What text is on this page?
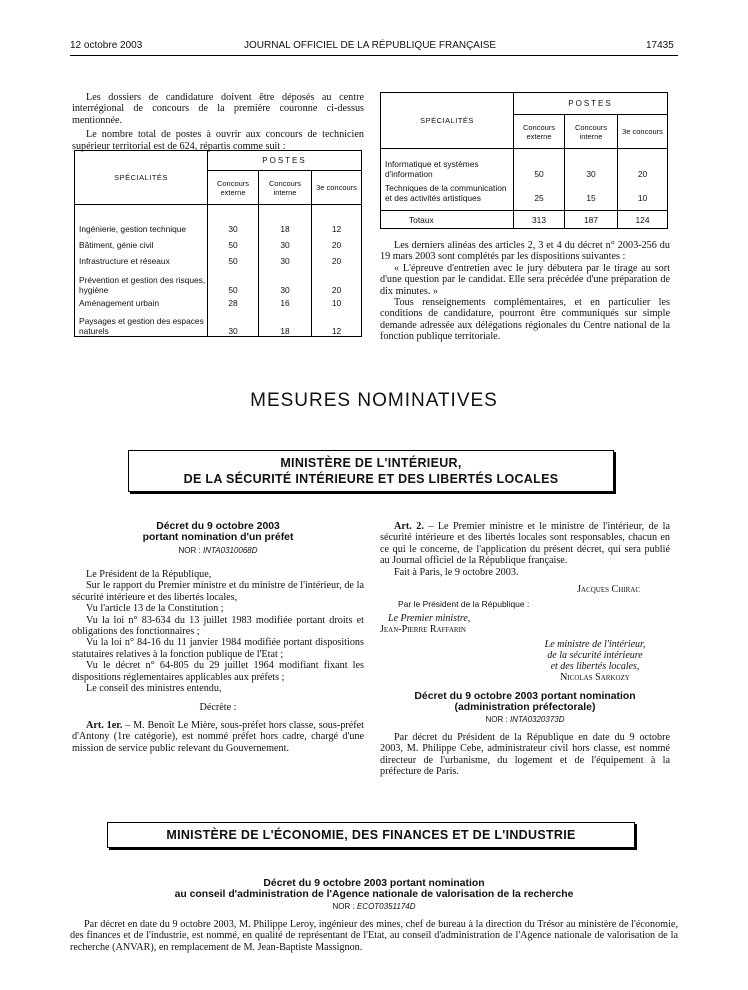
12 octobre 2003	JOURNAL OFFICIEL DE LA RÉPUBLIQUE FRANÇAISE	17435

Les dossiers de candidature doivent être déposés au centre interrégional de concours de la première couronne ci-dessus mentionnée.

Le nombre total de postes à ouvrir aux concours de technicien supérieur territorial est de 624, répartis comme suit :

SPÉCIALITÉS	POSTES		
	Concours externe	Concours interne	3e concours

Ingénierie, gestion technique	30	18	12
Bâtiment, génie civil	50	30	20
Infrastructure et réseaux	50	30	20
Prévention et gestion des risques, hygiène	50	30	20
Aménagement urbain	28	16	10
Paysages et gestion des espaces naturels	30	18	12
SPÉCIALITÉS	POSTES		
	Concours externe	Concours interne	3e concours
Informatique et systèmes d'information	50	30	20
Techniques de la communication et des activités artistiques	25	15	10

Totaux	313	187	124

Les derniers alinéas des articles 2, 3 et 4 du décret n° 2003-256 du 19 mars 2003 sont complétés par les dispositions suivantes :

« L'épreuve d'entretien avec le jury débutera par le tirage au sort d'une question par le candidat. Elle sera précédée d'une préparation de dix minutes. »

Tous renseignements complémentaires, et en particulier les conditions de candidature, pourront être communiqués sur simple demande adressée aux délégations régionales du Centre national de la fonction publique territoriale.

MESURES NOMINATIVES
MINISTÈRE DE L'INTÉRIEUR,
DE LA SÉCURITÉ INTÉRIEURE ET DES LIBERTÉS LOCALES
Décret du 9 octobre 2003
portant nomination d'un préfet
NOR : INTA0310068D

Le Président de la République,

Sur le rapport du Premier ministre et du ministre de l'intérieur, de la sécurité intérieure et des libertés locales,

Vu l'article 13 de la Constitution ;

Vu la loi n° 83-634 du 13 juillet 1983 modifiée portant droits et obligations des fonctionnaires ;

Vu la loi n° 84-16 du 11 janvier 1984 modifiée portant dispositions statutaires relatives à la fonction publique de l'Etat ;

Vu le décret n° 64-805 du 29 juillet 1964 modifiant fixant les dispositions réglementaires applicables aux préfets ;

Le conseil des ministres entendu,

Décrète :

Art. 1er. – M. Benoît Le Mière, sous-préfet hors classe, sous-préfet d'Antony (1re catégorie), est nommé préfet hors cadre, chargé d'une mission de service public relevant du Gouvernement.

Art. 2. – Le Premier ministre et le ministre de l'intérieur, de la sécurité intérieure et des libertés locales sont responsables, chacun en ce qui le concerne, de l'application du présent décret, qui sera publié au Journal officiel de la République française.

Fait à Paris, le 9 octobre 2003.

Jacques Chirac
Par le Président de la République :
Le Premier ministre,
Jean-Pierre Raffarin
Le ministre de l'intérieur,
de la sécurité intérieure
et des libertés locales,
Nicolas Sarkozy
Décret du 9 octobre 2003 portant nomination
(administration préfectorale)
NOR : INTA0320373D

Par décret du Président de la République en date du 9 octobre 2003, M. Philippe Cebe, administrateur civil hors classe, est nommé directeur de l'urbanisme, du logement et de l'équipement à la préfecture de Paris.

MINISTÈRE DE L'ÉCONOMIE, DES FINANCES ET DE L'INDUSTRIE
Décret du 9 octobre 2003 portant nomination
au conseil d'administration de l'Agence nationale de valorisation de la recherche
NOR : ECOT0351174D

Par décret en date du 9 octobre 2003, M. Philippe Leroy, ingénieur des mines, chef de bureau à la direction du Trésor au ministère de l'économie, des finances et de l'industrie, est nommé, en qualité de représentant de l'Etat, au conseil d'administration de l'Agence nationale de valorisation de la recherche (ANVAR), en remplacement de M. Jean-Baptiste Massignon.
